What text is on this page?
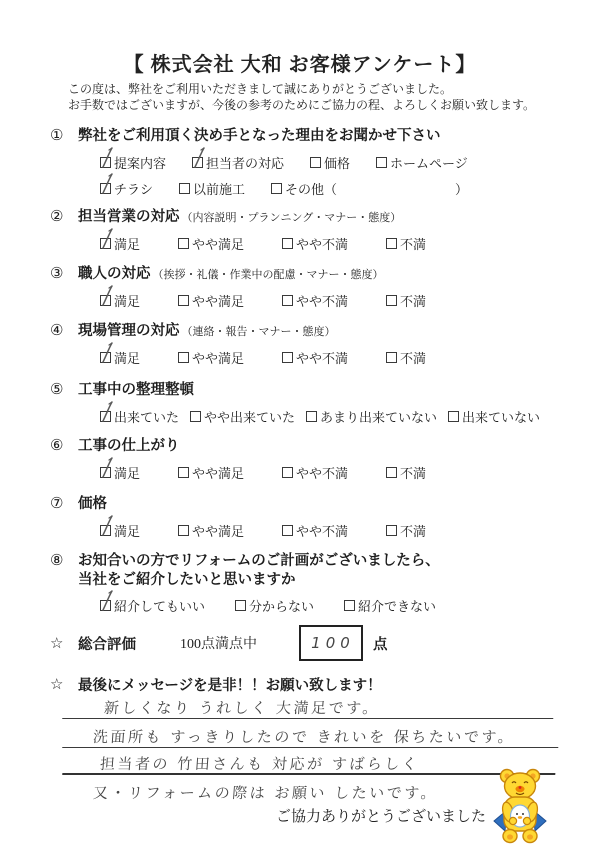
【 株式会社 大和 お客様アンケート】
この度は、弊社をご利用いただきまして誠にありがとうございました。
お手数ではございますが、今後の参考のためにご協力の程、よろしくお願い致します。
① 弊社をご利用頂く決め手となった理由をお聞かせ下さい
提案内容	担当者の対応	価格	ホームページ
チラシ	以前施工	その他（	）
② 担当営業の対応 （内容説明・プランニング・マナー・態度）
満足	やや満足	やや不満	不満
③ 職人の対応 （挨拶・礼儀・作業中の配慮・マナー・態度）
満足	やや満足	やや不満	不満
④ 現場管理の対応 （連絡・報告・マナー・態度）
満足	やや満足	やや不満	不満
⑤ 工事中の整理整頓
出来ていた やや出来ていた あまり出来ていない 出来ていない
⑥ 工事の仕上がり
満足	やや満足	やや不満	不満
⑦ 価格
満足	やや満足	やや不満	不満
⑧ お知合いの方でリフォームのご計画がございましたら、
当社をご紹介したいと思いますか
紹介してもいい	分からない	紹介できない
☆ 総合評価	100点満点中	100 点
☆ 最後にメッセージを是非！！お願い致します！
新しくなり うれしく 大満足です。
洗面所も すっきりしたので きれいを 保ちたいです。
担当者の 竹田さんも 対応が すばらしく
又・リフォームの際は お願い したいです。
ご協力ありがとうございました
